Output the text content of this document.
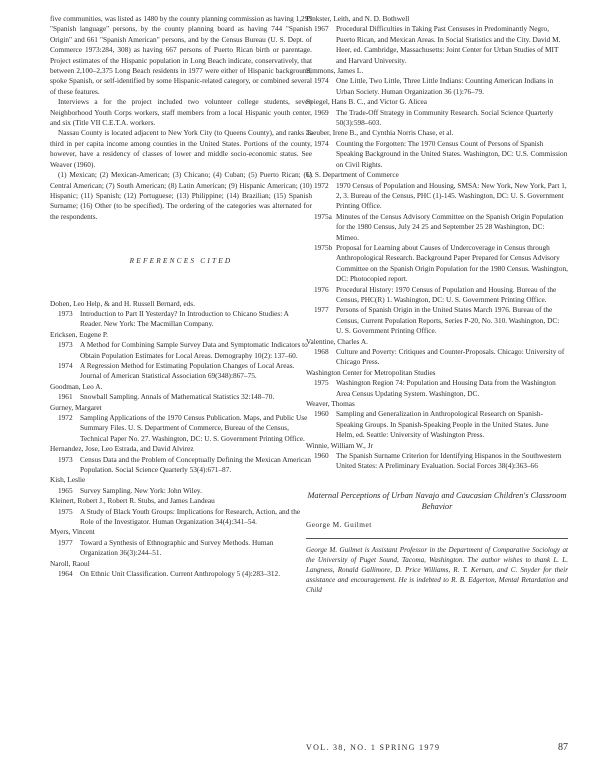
five communities, was listed as 1480 by the county planning commission as having 1,293 "Spanish language" persons, by the county planning board as having 744 "Spanish Origin" and 661 "Spanish American" persons, and by the Census Bureau (U. S. Dept. of Commerce 1973:284, 308) as having 667 persons of Puerto Rican birth or parentage. Project estimates of the Hispanic population in Long Beach indicate, conservatively, that between 2,100–2,375 Long Beach residents in 1977 were either of Hispanic background, spoke Spanish, or self-identified by some Hispanic-related category, or combined several of these features.

Interviews a for the project included two volunteer college students, seven Neighborhood Youth Corps workers, staff members from a local Hispanic youth center, and six (Title VII C.E.T.A. workers.

Nassau County is located adjacent to New York City (to Queens County), and ranks as third in per capita income among counties in the United States. Portions of the county, however, have a residency of classes of lower and middle socio-economic status. See Weaver (1960).

(1) Mexican; (2) Mexican-American; (3) Chicano; (4) Cuban; (5) Puerto Rican; (6) Central American; (7) South American; (8) Latin American; (9) Hispanic American; (10) Hispanic; (11) Spanish; (12) Portuguese; (13) Philippine; (14) Brazilian; (15) Spanish Surname; (16) Other (to be specified). The ordering of the categories was alternated for the respondents.

REFERENCES CITED
Dohen, Leo Help, & and H. Russell Bernard, eds.
1973	Introduction to Part II Yesterday? In Introduction to Chicano Studies: A Reader. New York: The Macmillan Company.
Ericksen, Eugene P.
1973	A Method for Combining Sample Survey Data and Symptomatic Indicators to Obtain Population Estimates for Local Areas. Demography 10(2): 137–60.
1974	A Regression Method for Estimating Population Changes of Local Areas. Journal of American Statistical Association 69(348):867–75.
Goodman, Leo A.
1961	Snowball Sampling. Annals of Mathematical Statistics 32:148–70.
Gurney, Margaret
1972	Sampling Applications of the 1970 Census Publication. Maps, and Public Use Summary Files. U. S. Department of Commerce, Bureau of the Census, Technical Paper No. 27. Washington, DC: U. S. Government Printing Office.
Hernandez, Jose, Leo Estrada, and David Alvirez
1973	Census Data and the Problem of Conceptually Defining the Mexican American Population. Social Science Quarterly 53(4):671–87.
Kish, Leslie
1965	Survey Sampling. New York: John Wiley.
Kleinert, Robert J., Robert R. Stubs, and James Landeau
1975	A Study of Black Youth Groups: Implications for Research, Action, and the Role of the Investigator. Human Organization 34(4):341–54.
Myers, Vincent
1977	Toward a Synthesis of Ethnographic and Survey Methods. Human Organization 36(3):244–51.
Naroll, Raoul
1964	On Ethnic Unit Classification. Current Anthropology 5 (4):283–312.
Pinkster, Leith, and N. D. Bothwell
1967	Procedural Difficulties in Taking Past Censuses in Predominantly Negro, Puerto Rican, and Mexican Areas. In Social Statistics and the City. David M. Heer, ed. Cambridge, Massachusetts: Joint Center for Urban Studies of MIT and Harvard University.
Simmons, James L.
1974	One Little, Two Little, Three Little Indians: Counting American Indians in Urban Society. Human Organization 36 (1):76–79.
Spiegel, Hans B. C., and Victor G. Alicea
1969	The Trade-Off Strategy in Community Research. Social Science Quarterly 50(3):598–603.
Taeuber, Irene B., and Cynthia Norris Chase, et al.
1974	Counting the Forgotten: The 1970 Census Count of Persons of Spanish Speaking Background in the United States. Washington, DC: U.S. Commission on Civil Rights.
U. S. Department of Commerce
1972	1970 Census of Population and Housing, SMSA: New York, New York, Part 1, 2, 3. Bureau of the Census, PHC (1)-145. Washington, DC: U. S. Government Printing Office.
1975a Minutes of the Census Advisory Committee on the Spanish Origin Population for the 1980 Census, July 24 25 and September 25 28 Washington, DC: Mimeo.
1975b Proposal for Learning about Causes of Undercoverage in Census through Anthropological Research. Background Paper Prepared for Census Advisory Committee on the Spanish Origin Population for the 1980 Census. Washington, DC: Photocopied report.
1976	Procedural History: 1970 Census of Population and Housing. Bureau of the Census, PHC(R) 1. Washington, DC: U. S. Government Printing Office.
1977	Persons of Spanish Origin in the United States March 1976. Bureau of the Census, Current Population Reports, Series P-20, No. 310. Washington, DC: U. S. Government Printing Office.
Valentine, Charles A.
1968	Culture and Poverty: Critiques and Counter-Proposals. Chicago: University of Chicago Press.
Washington Center for Metropolitan Studies
1975	Washington Region 74: Population and Housing Data from the Washington Area Census Updating System. Washington, DC.
Weaver, Thomas
1960	Sampling and Generalization in Anthropological Research on Spanish-Speaking Groups. In Spanish-Speaking People in the United States. June Helm, ed. Seattle: University of Washington Press.
Winnie, William W., Jr
1960	The Spanish Surname Criterion for Identifying Hispanos in the Southwestern United States: A Preliminary Evaluation. Social Forces 38(4):363–66
Maternal Perceptions of Urban Navajo and Caucasian Children's Classroom Behavior
George M. Guilmet
George M. Guilmet is Assistant Professor in the Department of Comparative Sociology at the University of Puget Sound, Tacoma, Washington. The author wishes to thank L. L. Langness, Ronald Gallimore, D. Price Williams, R. T. Kernan, and C. Snyder for their assistance and encouragement. He is indebted to R. B. Edgerton, Mental Retardation and Child
VOL. 38, NO. 1 SPRING 1979	87
